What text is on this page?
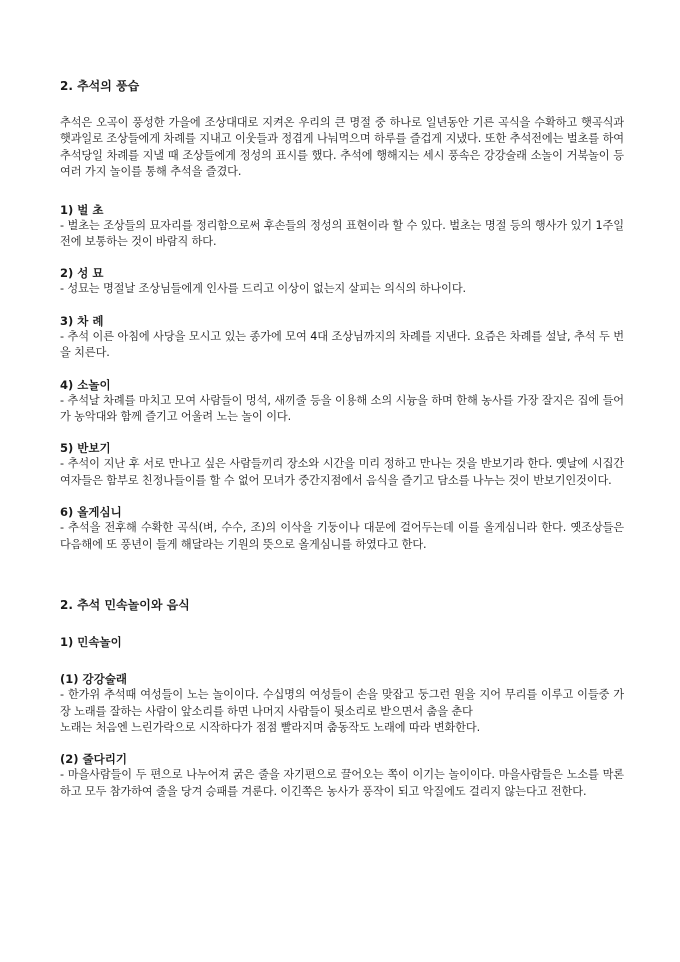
2. 추석의 풍습

추석은 오곡이 풍성한 가을에 조상대대로 지켜온 우리의 큰 명절 중 하나로 일년동안 기른 곡식을 수확하고 햇곡식과 햇과일로 조상들에게 차례를 지내고 이웃들과 정겹게 나눠먹으며 하루를 즐겁게 지냈다. 또한 추석전에는 벌초를 하여 추석당일 차례를 지낼 때 조상들에게 정성의 표시를 했다. 추석에 행해지는 세시 풍속은 강강술래 소놀이 거북놀이 등 여러 가지 놀이를 통해 추석을 즐겼다.

1) 벌 초

- 벌초는 조상들의 묘자리를 정리함으로써 후손들의 정성의 표현이라 할 수 있다. 벌초는 명절 등의 행사가 있기 1주일 전에 보통하는 것이 바람직 하다.

2) 성 묘

- 성묘는 명절날 조상님들에게 인사를 드리고 이상이 없는지 살피는 의식의 하나이다.

3) 차 례

- 추석 이른 아침에 사당을 모시고 있는 종가에 모여 4대 조상님까지의 차례를 지낸다. 요즘은 차례를 설날, 추석 두 번을 치른다.

4) 소놀이

- 추석날 차례를 마치고 모여 사람들이 멍석, 새끼줄 등을 이용해 소의 시늉을 하며 한해 농사를 가장 잘지은 집에 들어가 농악대와 함께 즐기고 어울려 노는 놀이 이다.

5) 반보기

- 추석이 지난 후 서로 만나고 싶은 사람들끼리 장소와 시간을 미리 정하고 만나는 것을 반보기라 한다. 옛날에 시집간 여자들은 함부로 친정나들이를 할 수 없어 모녀가 중간지점에서 음식을 즐기고 담소를 나누는 것이 반보기인것이다.

6) 올게심니

- 추석을 전후해 수확한 곡식(벼, 수수, 조)의 이삭을 기둥이나 대문에 걸어두는데 이를 올게심니라 한다. 옛조상들은 다음해에 또 풍년이 들게 해달라는 기원의 뜻으로 올게심니를 하였다고 한다.

2. 추석 민속놀이와 음식

1) 민속놀이

(1) 강강술래

- 한가위 추석때 여성들이 노는 놀이이다. 수십명의 여성들이 손을 맞잡고 둥그런 원을 지어 무리를 이루고 이들중 가장 노래를 잘하는 사람이 앞소리를 하면 나머지 사람들이 뒷소리로 받으면서 춤을 춘다

노래는 처음엔 느린가락으로 시작하다가 점점 빨라지며 춤동작도 노래에 따라 변화한다.

(2) 줄다리기

- 마을사람들이 두 편으로 나누어져 굵은 줄을 자기편으로 끌어오는 쪽이 이기는 놀이이다. 마을사람들은 노소를 막론하고 모두 참가하여 줄을 당겨 승패를 겨룬다. 이긴쪽은 농사가 풍작이 되고 악질에도 걸리지 않는다고 전한다.
